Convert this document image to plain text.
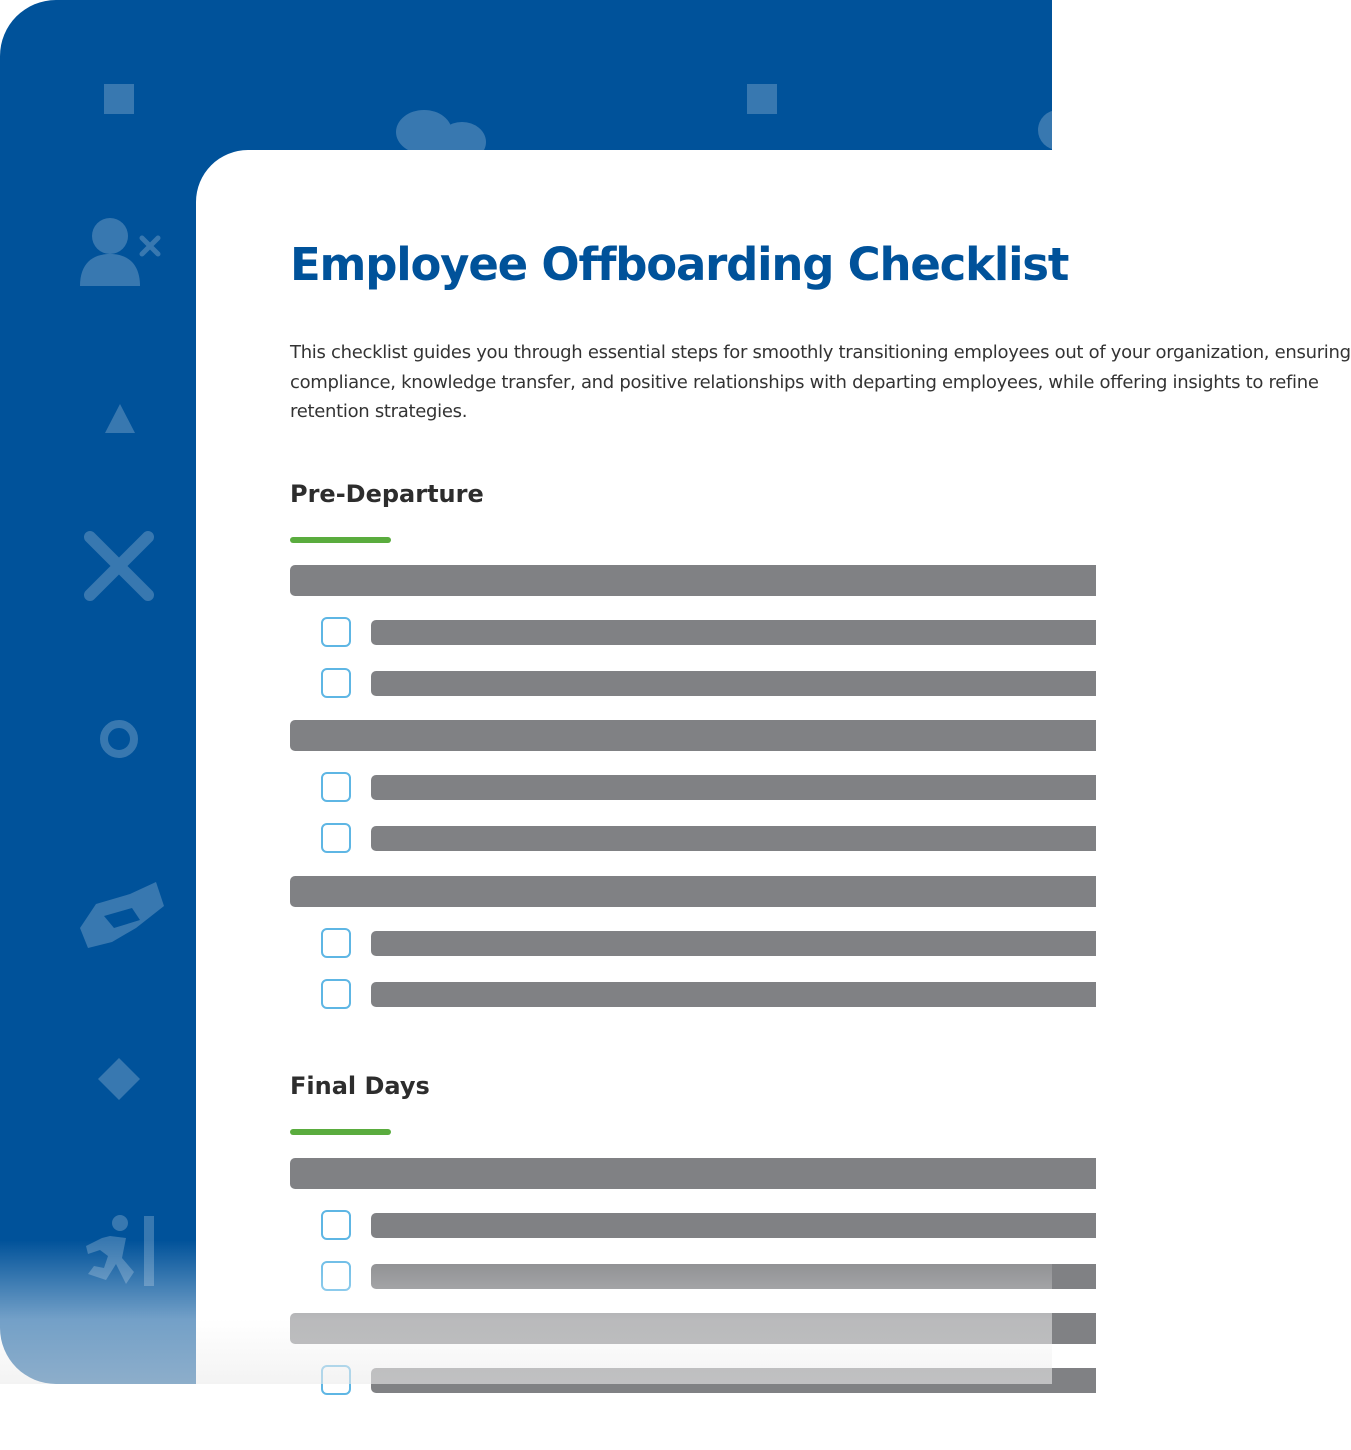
Employee Offboarding Checklist

This checklist guides you through essential steps for smoothly transitioning employees out of your organization, ensuring
compliance, knowledge transfer, and positive relationships with departing employees, while offering insights to refine
retention strategies.

Pre-Departure
Final Days
